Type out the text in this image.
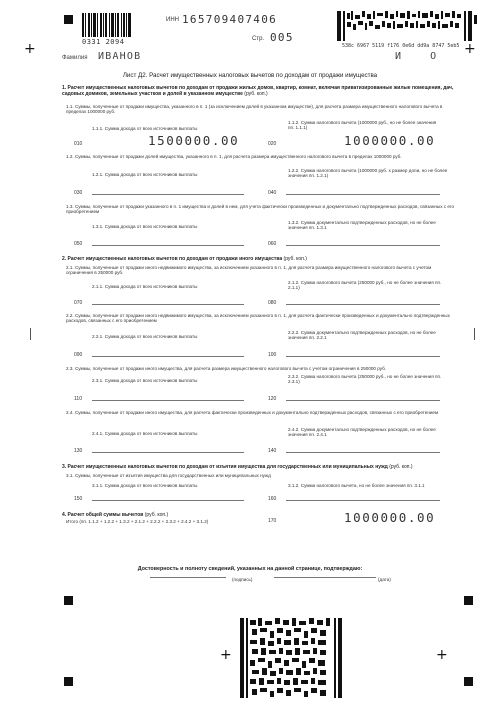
+	+
+	+
0331 2094
ИНН 165709407406
Стр. 005
538c 6967 5119 f176 0e6d dd9a 8747 5eb5
Фамилия ИВАНОВ	И    О
Лист Д2. Расчет имущественных налоговых вычетов по доходам от продажи имущества
1. Расчет имущественных налоговых вычетов по доходам от продажи жилых домов, квартир, комнат, включая приватизированные жилые помещения, дач, садовых домиков, земельных участков и долей в указанном имуществе (руб. коп.)
1.1. Суммы, полученные от продажи имущества, указанного в п. 1 (за исключением долей в указанном имуществе), для расчета размера имущественного налогового вычета в пределах 1000000 руб.
1.1.1. Сумма дохода от всех источников выплаты
1.1.2. Сумма налогового вычета (1000000 руб., но не более значения пп. 1.1.1)
010	1500000.00	020	1000000.00
1.2. Суммы, полученные от продажи долей имущества, указанного в п. 1, для расчета размера имущественного налогового вычета в пределах 1000000 руб.
1.2.1. Сумма дохода от всех источников выплаты
1.2.2. Сумма налогового вычета (1000000 руб. х размер доли, но не более значения пп. 1.2.1)
030	040
1.3. Суммы, полученные от продажи указанного в п. 1 имущества и долей в нем, для учета фактически произведенных и документально подтвержденных расходов, связанных с его приобретением
1.3.1. Сумма дохода от всех источников выплаты
1.3.2. Сумма документально подтвержденных расходов, но не более значения пп. 1.3.1
050	060
2. Расчет имущественных налоговых вычетов по доходам от продажи иного имущества (руб. коп.)
2.1. Суммы, полученные от продажи иного недвижимого имущества, за исключением указанного в п. 1, для расчета размера имущественного налогового вычета с учетом ограничения в 250000 руб.
2.1.1. Сумма дохода от всех источников выплаты
2.1.2. Сумма налогового вычета (250000 руб., но не более значения пп. 2.1.1)
070	080
2.2. Суммы, полученные от продажи иного недвижимого имущества, за исключением указанного в п. 1, для расчета фактически произведенных и документально подтвержденных расходов, связанных с его приобретением
2.2.1. Сумма дохода от всех источников выплаты
2.2.2. Сумма документально подтвержденных расходов, но не более значения пп. 2.2.1
090	100
2.3. Суммы, полученные от продажи иного имущества, для расчета размера имущественного налогового вычета с учетом ограничения в 250000 руб.
2.3.1. Сумма дохода от всех источников выплаты
2.3.2. Сумма налогового вычета (250000 руб., но не более значения пп. 2.3.1)
110	120
2.4. Суммы, полученные от продажи иного имущества, для расчета фактически произведенных и документально подтвержденных расходов, связанных с его приобретением
2.4.1. Сумма дохода от всех источников выплаты
2.4.2. Сумма документально подтвержденных расходов, но не более значения пп. 2.4.1
130	140
3. Расчет имущественных налоговых вычетов по доходам от изъятия имущества для государственных или муниципальных нужд (руб. коп.)
3.1. Суммы, полученные от изъятия имущества для государственных или муниципальных нужд
3.1.1. Сумма дохода от всех источников выплаты	3.1.2. Сумма налогового вычета, но не более значения пп. 3.1.1
150	160
4. Расчет общей суммы вычетов (руб. коп.)
Итого (пп. 1.1.2 + 1.2.2 + 1.3.2 + 2.1.2 + 2.2.2 + 2.3.2 + 2.4.2 + 3.1.2)	170	1000000.00
Достоверность и полноту сведений, указанных на данной странице, подтверждаю:
(подпись)	(дата)
